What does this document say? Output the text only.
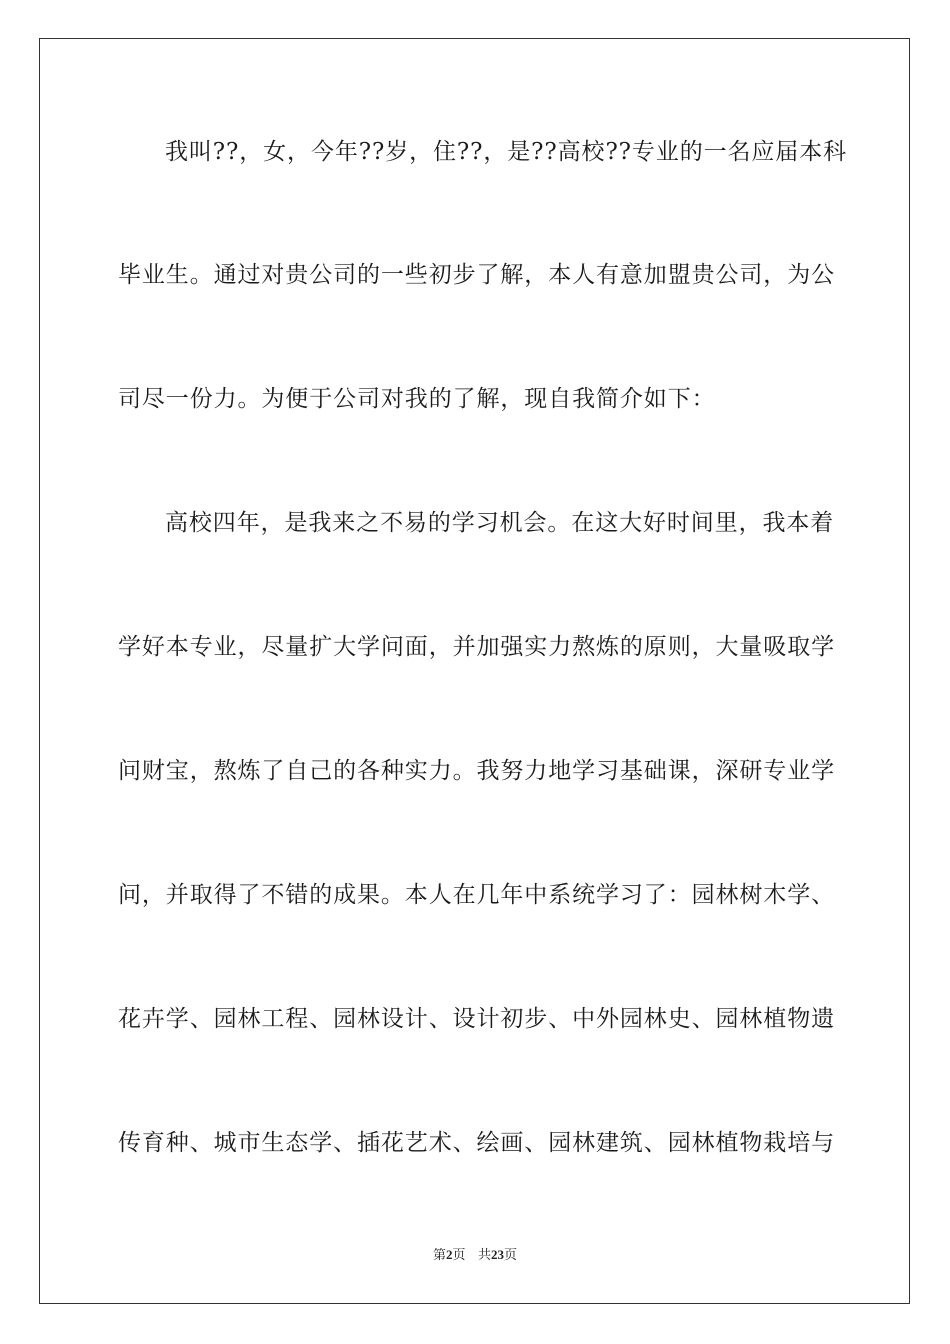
我叫??，女，今年??岁，住??，是??高校??专业的一名应届本科
毕业生。通过对贵公司的一些初步了解，本人有意加盟贵公司，为公
司尽一份力。为便于公司对我的了解，现自我简介如下：
高校四年，是我来之不易的学习机会。在这大好时间里，我本着
学好本专业，尽量扩大学问面，并加强实力熬炼的原则，大量吸取学
问财宝，熬炼了自己的各种实力。我努力地学习基础课，深研专业学
问，并取得了不错的成果。本人在几年中系统学习了：园林树木学、
花卉学、园林工程、园林设计、设计初步、中外园林史、园林植物遗
传育种、城市生态学、插花艺术、绘画、园林建筑、园林植物栽培与
第2页 共23页
